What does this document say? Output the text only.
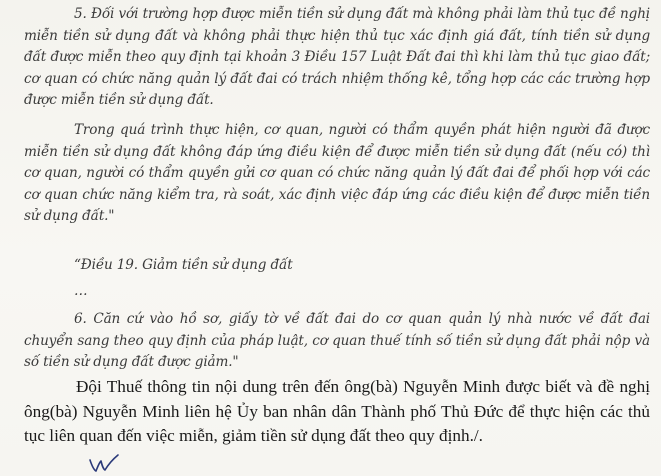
5. Đối với trường hợp được miễn tiền sử dụng đất mà không phải làm thủ tục đề nghị miễn tiền sử dụng đất và không phải thực hiện thủ tục xác định giá đất, tính tiền sử dụng đất được miễn theo quy định tại khoản 3 Điều 157 Luật Đất đai thì khi làm thủ tục giao đất; cơ quan có chức năng quản lý đất đai có trách nhiệm thống kê, tổng hợp các các trường hợp được miễn tiền sử dụng đất.

Trong quá trình thực hiện, cơ quan, người có thẩm quyền phát hiện người đã được miễn tiền sử dụng đất không đáp ứng điều kiện để được miễn tiền sử dụng đất (nếu có) thì cơ quan, người có thẩm quyền gửi cơ quan có chức năng quản lý đất đai để phối hợp với các cơ quan chức năng kiểm tra, rà soát, xác định việc đáp ứng các điều kiện để được miễn tiền sử dụng đất."

“Điều 19. Giảm tiền sử dụng đất

…

6. Căn cứ vào hồ sơ, giấy tờ về đất đai do cơ quan quản lý nhà nước về đất đai chuyển sang theo quy định của pháp luật, cơ quan thuế tính số tiền sử dụng đất phải nộp và số tiền sử dụng đất được giảm."

Đội Thuế thông tin nội dung trên đến ông(bà) Nguyễn Minh được biết và đề nghị ông(bà) Nguyễn Minh liên hệ Ủy ban nhân dân Thành phố Thủ Đức để thực hiện các thủ tục liên quan đến việc miễn, giảm tiền sử dụng đất theo quy định./.
